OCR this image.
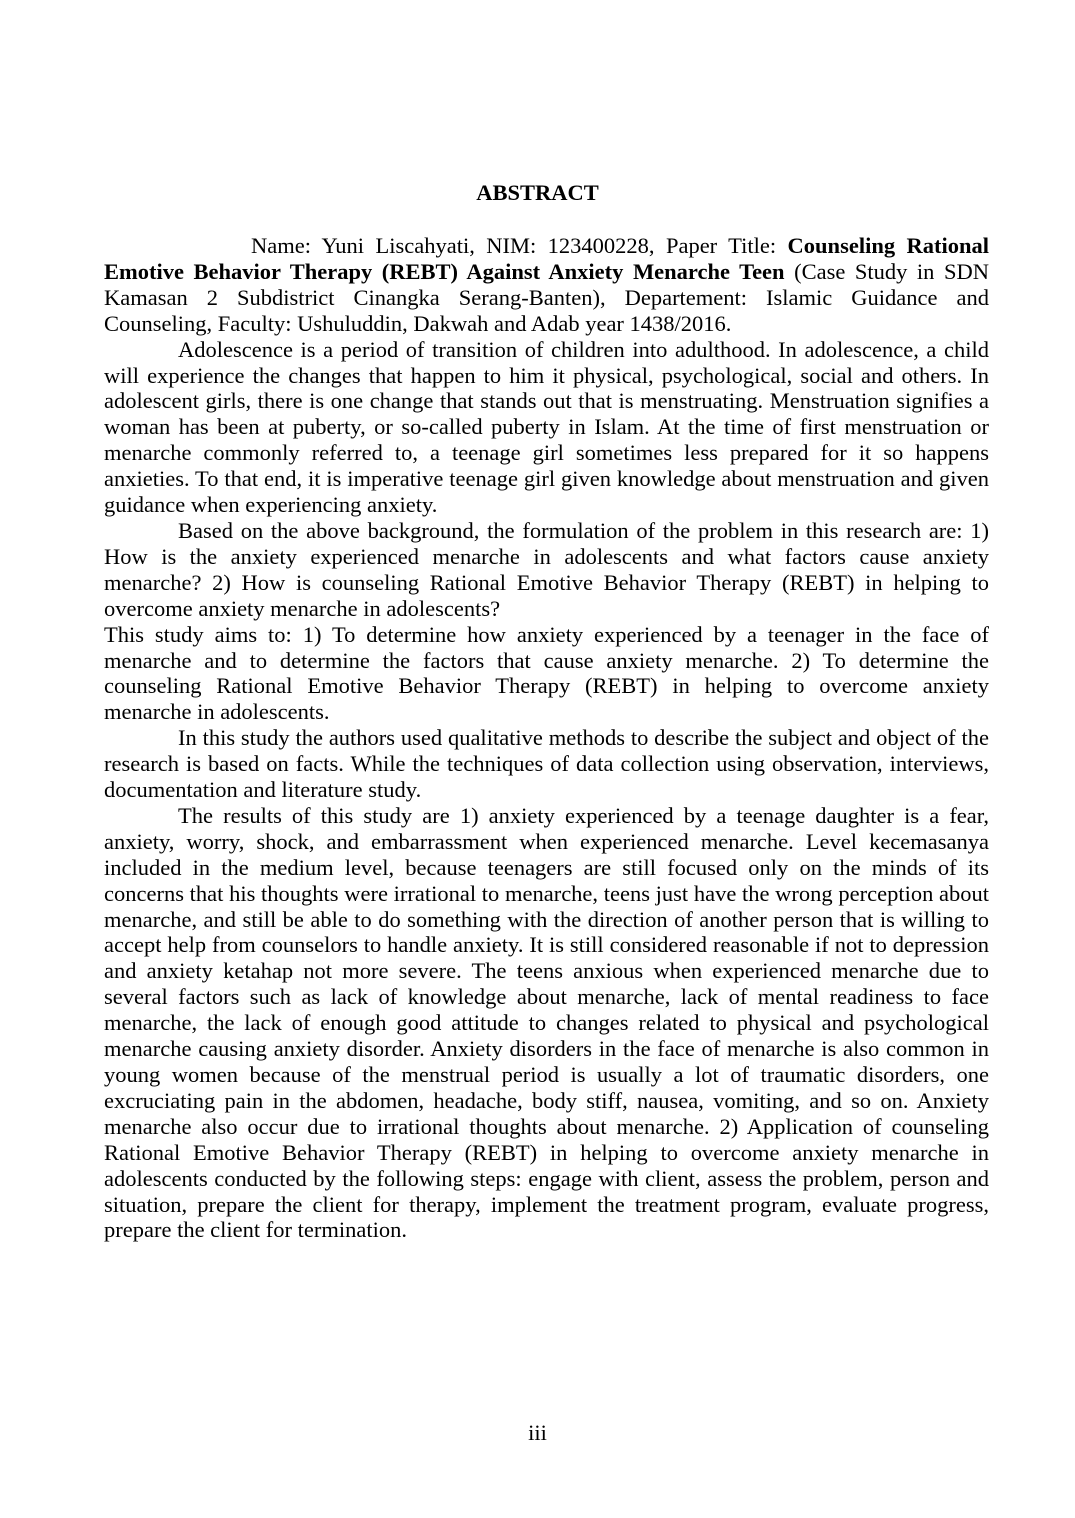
ABSTRACT

Name: Yuni Liscahyati, NIM: 123400228, Paper Title: Counseling Rational Emotive Behavior Therapy (REBT) Against Anxiety Menarche Teen (Case Study in SDN Kamasan 2 Subdistrict Cinangka Serang-Banten), Departement: Islamic Guidance and Counseling, Faculty: Ushuluddin, Dakwah and Adab year 1438/2016.

Adolescence is a period of transition of children into adulthood. In adolescence, a child will experience the changes that happen to him it physical, psychological, social and others. In adolescent girls, there is one change that stands out that is menstruating. Menstruation signifies a woman has been at puberty, or so-called puberty in Islam. At the time of first menstruation or menarche commonly referred to, a teenage girl sometimes less prepared for it so happens anxieties. To that end, it is imperative teenage girl given knowledge about menstruation and given guidance when experiencing anxiety.

Based on the above background, the formulation of the problem in this research are: 1) How is the anxiety experienced menarche in adolescents and what factors cause anxiety menarche? 2) How is counseling Rational Emotive Behavior Therapy (REBT) in helping to overcome anxiety menarche in adolescents?

This study aims to: 1) To determine how anxiety experienced by a teenager in the face of menarche and to determine the factors that cause anxiety menarche. 2) To determine the counseling Rational Emotive Behavior Therapy (REBT) in helping to overcome anxiety menarche in adolescents.

In this study the authors used qualitative methods to describe the subject and object of the research is based on facts. While the techniques of data collection using observation, interviews, documentation and literature study.

The results of this study are 1) anxiety experienced by a teenage daughter is a fear, anxiety, worry, shock, and embarrassment when experienced menarche. Level kecemasanya included in the medium level, because teenagers are still focused only on the minds of its concerns that his thoughts were irrational to menarche, teens just have the wrong perception about menarche, and still be able to do something with the direction of another person that is willing to accept help from counselors to handle anxiety. It is still considered reasonable if not to depression and anxiety ketahap not more severe. The teens anxious when experienced menarche due to several factors such as lack of knowledge about menarche, lack of mental readiness to face menarche, the lack of enough good attitude to changes related to physical and psychological menarche causing anxiety disorder. Anxiety disorders in the face of menarche is also common in young women because of the menstrual period is usually a lot of traumatic disorders, one excruciating pain in the abdomen, headache, body stiff, nausea, vomiting, and so on. Anxiety menarche also occur due to irrational thoughts about menarche. 2) Application of counseling Rational Emotive Behavior Therapy (REBT) in helping to overcome anxiety menarche in adolescents conducted by the following steps: engage with client, assess the problem, person and situation, prepare the client for therapy, implement the treatment program, evaluate progress, prepare the client for termination.

iii
